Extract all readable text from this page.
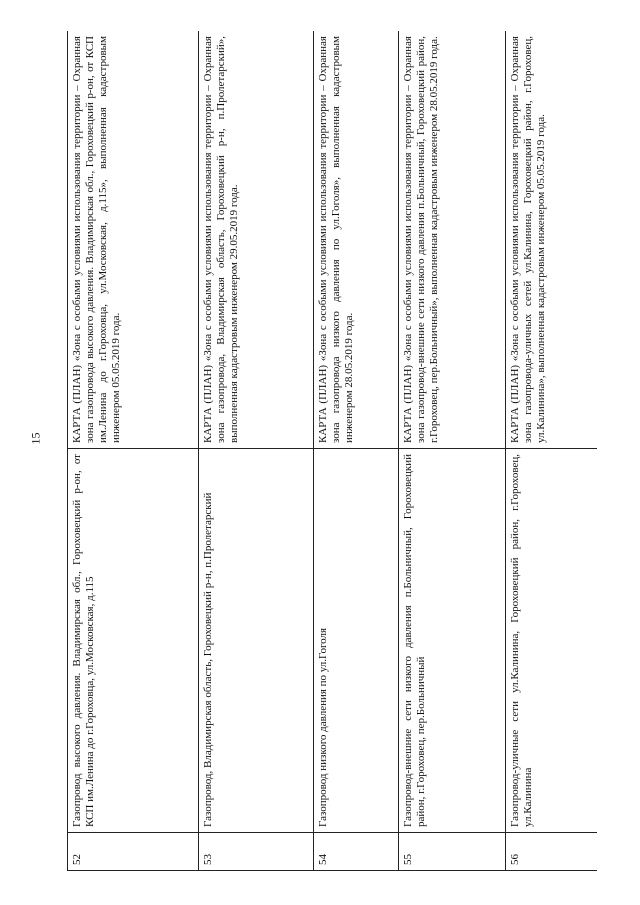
15
52	Газопровод высокого давления. Владимирская обл., Гороховецкий р-он, от КСП им.Ленина до г.Гороховца, ул.Московская, д.115	КАРТА (ПЛАН) «Зона с особыми условиями использования территории – Охранная зона газопровода высокого давления. Владимирская обл., Гороховецкий р-он, от КСП им.Ленина до г.Гороховца, ул.Московская, д.115», выполненная кадастровым инженером 05.05.2019 года.
53	Газопровод, Владимирская область, Гороховецкий р-н, п.Пролетарский	КАРТА (ПЛАН) «Зона с особыми условиями использования территории – Охранная зона газопровода, Владимирская область, Гороховецкий р-н, п.Пролетарский», выполненная кадастровым инженером 29.05.2019 года.
54	Газопровод низкого давления по ул.Гоголя	КАРТА (ПЛАН) «Зона с особыми условиями использования территории – Охранная зона газопровода низкого давления по ул.Гоголя», выполненная кадастровым инженером 28.05.2019 года.
55	Газопровод-внешние сети низкого давления п.Больничный, Гороховецкий район, г.Гороховец, пер.Больничный	КАРТА (ПЛАН) «Зона с особыми условиями использования территории – Охранная зона газопровод-внешние сети низкого давления п.Больничный, Гороховецкий район, г.Гороховец, пер.Больничный», выполненная кадастровым инженером 28.05.2019 года.
56	Газопровод-уличные сети ул.Калинина, Гороховецкий район, г.Гороховец, ул.Калинина	КАРТА (ПЛАН) «Зона с особыми условиями использования территории – Охранная зона газопровода-уличных сетей ул.Калинина, Гороховецкий район, г.Гороховец, ул.Калинина», выполненная кадастровым инженером 05.05.2019 года.
